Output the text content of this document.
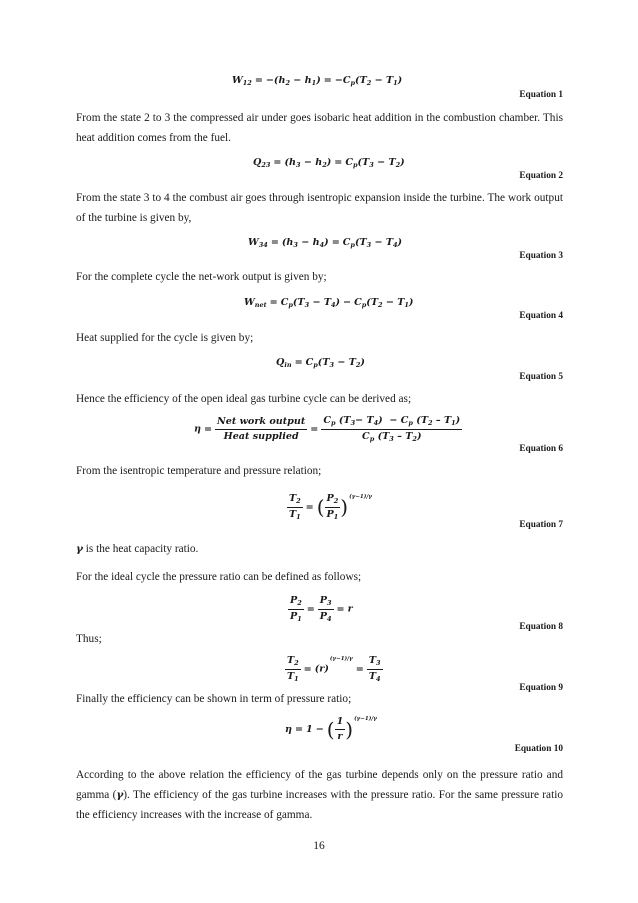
$W_{12} = -(h_2 - h_1) = -C_p(T_2 - T_1)$
Equation 1
From the state 2 to 3 the compressed air under goes isobaric heat addition in the combustion chamber. This heat addition comes from the fuel.
$Q_{23} = (h_3 - h_2) = C_p(T_3 - T_2)$
Equation 2
From the state 3 to 4 the combust air goes through isentropic expansion inside the turbine. The work output of the turbine is given by,
$W_{34} = (h_3 - h_4) = C_p(T_3 - T_4)$
Equation 3
For the complete cycle the net-work output is given by;
$W_{net} = C_p(T_3 - T_4) - C_p(T_2 - T_1)$
Equation 4
Heat supplied for the cycle is given by;
$Q_{in} = C_p(T_3 - T_2)$
Equation 5
Hence the efficiency of the open ideal gas turbine cycle can be derived as;
$\eta = \frac{\text{Net work output}}{\text{Heat supplied}} = \frac{C_p (T_3- T_4) - C_p (T_2 - T_1)}{C_p (T_3 - T_2)}$
Equation 6
From the isentropic temperature and pressure relation;
$\frac{T_2}{T_1}$ = ( $\frac{P_2}{P_1} )^{(\gamma-1)/\gamma}$
Equation 7
γ is the heat capacity ratio.
For the ideal cycle the pressure ratio can be defined as follows;
$\frac{P_2}{P_1} = \frac{P_3}{P_4} = r$
Equation 8
Thus;
$\frac{T_2}{T_1} = (r)^{(\gamma-1)/\gamma}= \frac{T_3}{T_4}$
Equation 9
Finally the efficiency can be shown in term of pressure ratio;
η = 1 − ( $\frac{1}{r} )^{(\gamma-1)/\gamma}$
Equation 10
According to the above relation the efficiency of the gas turbine depends only on the pressure ratio and gamma (γ). The efficiency of the gas turbine increases with the pressure ratio. For the same pressure ratio the efficiency increases with the increase of gamma.
16
